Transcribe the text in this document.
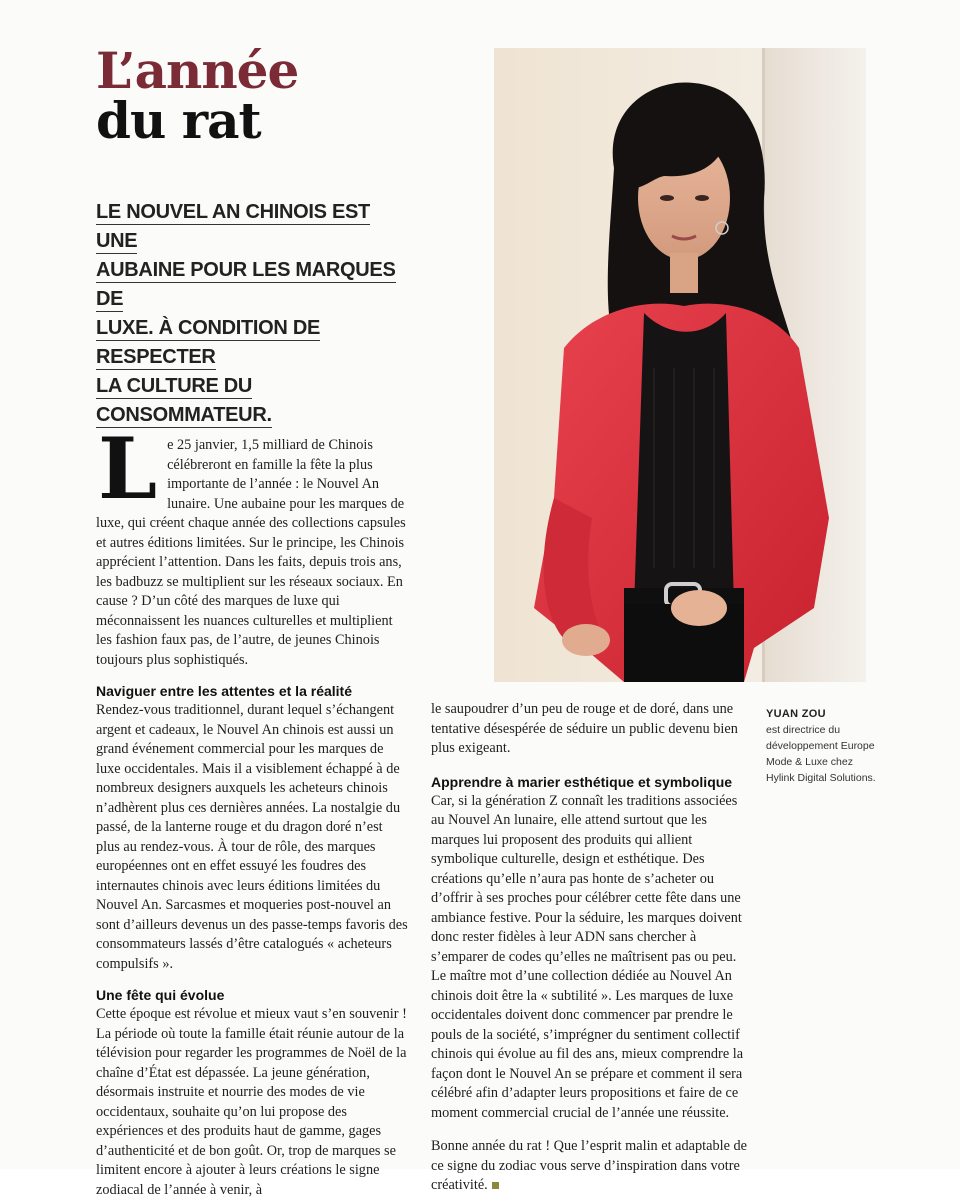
L’année
du rat
LE NOUVEL AN CHINOIS EST UNE
AUBAINE POUR LES MARQUES DE
LUXE. À CONDITION DE RESPECTER
LA CULTURE DU CONSOMMATEUR.
YUAN ZOU
est directrice du développement Europe Mode & Luxe chez Hylink Digital Solutions.
L e 25 janvier, 1,5 milliard de Chinois célébreront en famille la fête la plus importante de l’année : le Nouvel An lunaire. Une aubaine pour les marques de luxe, qui créent chaque année des collections capsules et autres éditions limitées. Sur le principe, les Chinois apprécient l’attention. Dans les faits, depuis trois ans, les badbuzz se multiplient sur les réseaux sociaux. En cause ? D’un côté des marques de luxe qui méconnaissent les nuances culturelles et multiplient les fashion faux pas, de l’autre, de jeunes Chinois toujours plus sophistiqués.

Naviguer entre les attentes et la réalité

Rendez-vous traditionnel, durant lequel s’échangent argent et cadeaux, le Nouvel An chinois est aussi un grand événement commercial pour les marques de luxe occidentales. Mais il a visiblement échappé à de nombreux designers auxquels les acheteurs chinois n’adhèrent plus ces dernières années. La nostalgie du passé, de la lanterne rouge et du dragon doré n’est plus au rendez-vous. À tour de rôle, des marques européennes ont en effet essuyé les foudres des internautes chinois avec leurs éditions limitées du Nouvel An. Sarcasmes et moqueries post-nouvel an sont d’ailleurs devenus un des passe-temps favoris des consommateurs lassés d’être catalogués « acheteurs compulsifs ».

Une fête qui évolue

Cette époque est révolue et mieux vaut s’en souvenir ! La période où toute la famille était réunie autour de la télévision pour regarder les programmes de Noël de la chaîne d’État est dépassée. La jeune génération, désormais instruite et nourrie des modes de vie occidentaux, souhaite qu’on lui propose des expériences et des produits haut de gamme, gages d’authenticité et de bon goût. Or, trop de marques se limitent encore à ajouter à leurs créations le signe zodiacal de l’année à venir, à

le saupoudrer d’un peu de rouge et de doré, dans une tentative désespérée de séduire un public devenu bien plus exigeant.

Apprendre à marier esthétique et symbolique

Car, si la génération Z connaît les traditions associées au Nouvel An lunaire, elle attend surtout que les marques lui proposent des produits qui allient symbolique culturelle, design et esthétique. Des créations qu’elle n’aura pas honte de s’acheter ou d’offrir à ses proches pour célébrer cette fête dans une ambiance festive. Pour la séduire, les marques doivent donc rester fidèles à leur ADN sans chercher à s’emparer de codes qu’elles ne maîtrisent pas ou peu. Le maître mot d’une collection dédiée au Nouvel An chinois doit être la « subtilité ». Les marques de luxe occidentales doivent donc commencer par prendre le pouls de la société, s’imprégner du sentiment collectif chinois qui évolue au fil des ans, mieux comprendre la façon dont le Nouvel An se prépare et comment il sera célébré afin d’adapter leurs propositions et faire de ce moment commercial crucial de l’année une réussite.

Bonne année du rat ! Que l’esprit malin et adaptable de ce signe du zodiac vous serve d’inspiration dans votre créativité.
